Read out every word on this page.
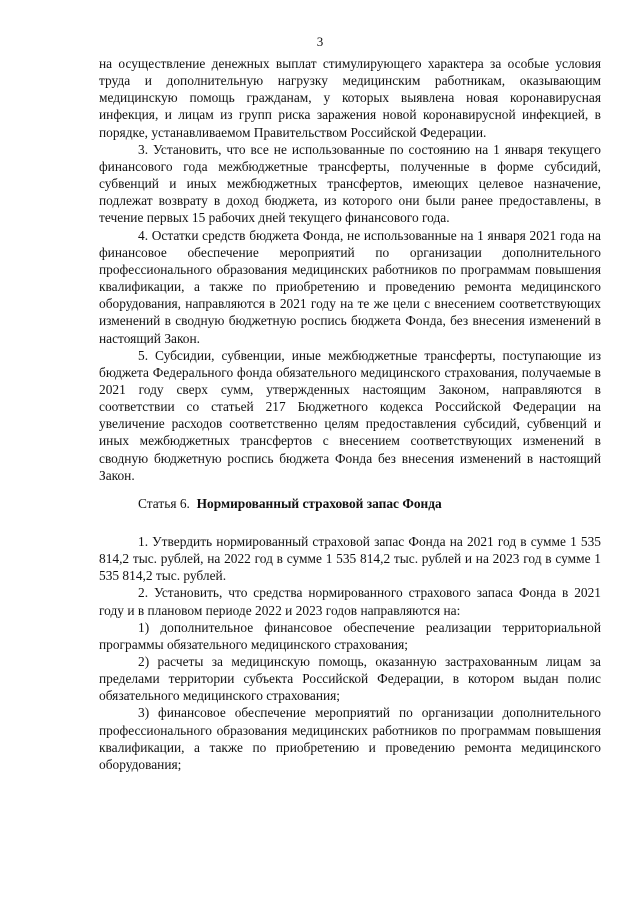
3

на осуществление денежных выплат стимулирующего характера за особые условия труда и дополнительную нагрузку медицинским работникам, оказывающим медицинскую помощь гражданам, у которых выявлена новая коронавирусная инфекция, и лицам из групп риска заражения новой коронавирусной инфекцией, в порядке, устанавливаемом Правительством Российской Федерации.

3. Установить, что все не использованные по состоянию на 1 января текущего финансового года межбюджетные трансферты, полученные в форме субсидий, субвенций и иных межбюджетных трансфертов, имеющих целевое назначение, подлежат возврату в доход бюджета, из которого они были ранее предоставлены, в течение первых 15 рабочих дней текущего финансового года.

4. Остатки средств бюджета Фонда, не использованные на 1 января 2021 года на финансовое обеспечение мероприятий по организации дополнительного профессионального образования медицинских работников по программам повышения квалификации, а также по приобретению и проведению ремонта медицинского оборудования, направляются в 2021 году на те же цели с внесением соответствующих изменений в сводную бюджетную роспись бюджета Фонда, без внесения изменений в настоящий Закон.

5. Субсидии, субвенции, иные межбюджетные трансферты, поступающие из бюджета Федерального фонда обязательного медицинского страхования, получаемые в 2021 году сверх сумм, утвержденных настоящим Законом, направляются в соответствии со статьей 217 Бюджетного кодекса Российской Федерации на увеличение расходов соответственно целям предоставления субсидий, субвенций и иных межбюджетных трансфертов с внесением соответствующих изменений в сводную бюджетную роспись бюджета Фонда без внесения изменений в настоящий Закон.

Статья 6. Нормированный страховой запас Фонда

1. Утвердить нормированный страховой запас Фонда на 2021 год в сумме 1 535 814,2 тыс. рублей, на 2022 год в сумме 1 535 814,2 тыс. рублей и на 2023 год в сумме 1 535 814,2 тыс. рублей.

2. Установить, что средства нормированного страхового запаса Фонда в 2021 году и в плановом периоде 2022 и 2023 годов направляются на:

1) дополнительное финансовое обеспечение реализации территориальной программы обязательного медицинского страхования;

2) расчеты за медицинскую помощь, оказанную застрахованным лицам за пределами территории субъекта Российской Федерации, в котором выдан полис обязательного медицинского страхования;

3) финансовое обеспечение мероприятий по организации дополнительного профессионального образования медицинских работников по программам повышения квалификации, а также по приобретению и проведению ремонта медицинского оборудования;
